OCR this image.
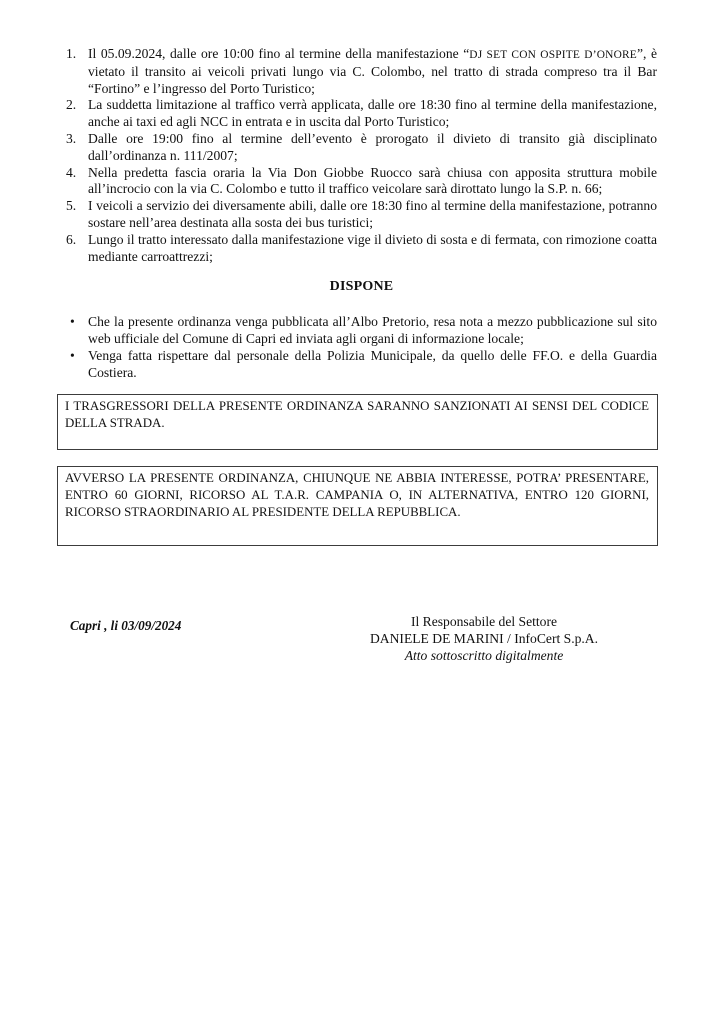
1. Il 05.09.2024, dalle ore 10:00 fino al termine della manifestazione “DJ SET CON OSPITE D’ONORE”, è vietato il transito ai veicoli privati lungo via C. Colombo, nel tratto di strada compreso tra il Bar “Fortino” e l’ingresso del Porto Turistico;
2. La suddetta limitazione al traffico verrà applicata, dalle ore 18:30 fino al termine della manifestazione, anche ai taxi ed agli NCC in entrata e in uscita dal Porto Turistico;
3. Dalle ore 19:00 fino al termine dell’evento è prorogato il divieto di transito già disciplinato dall’ordinanza n. 111/2007;
4. Nella predetta fascia oraria la Via Don Giobbe Ruocco sarà chiusa con apposita struttura mobile all’incrocio con la via C. Colombo e tutto il traffico veicolare sarà dirottato lungo la S.P. n. 66;
5. I veicoli a servizio dei diversamente abili, dalle ore 18:30 fino al termine della manifestazione, potranno sostare nell’area destinata alla sosta dei bus turistici;
6. Lungo il tratto interessato dalla manifestazione vige il divieto di sosta e di fermata, con rimozione coatta mediante carroattrezzi;
DISPONE
• Che la presente ordinanza venga pubblicata all’Albo Pretorio, resa nota a mezzo pubblicazione sul sito web ufficiale del Comune di Capri ed inviata agli organi di informazione locale;
• Venga fatta rispettare dal personale della Polizia Municipale, da quello delle FF.O. e della Guardia Costiera.
I TRASGRESSORI DELLA PRESENTE ORDINANZA SARANNO SANZIONATI AI SENSI DEL CODICE DELLA STRADA.
AVVERSO LA PRESENTE ORDINANZA, CHIUNQUE NE ABBIA INTERESSE, POTRA’ PRESENTARE, ENTRO 60 GIORNI, RICORSO AL T.A.R. CAMPANIA O, IN ALTERNATIVA, ENTRO 120 GIORNI, RICORSO STRAORDINARIO AL PRESIDENTE DELLA REPUBBLICA.
Capri , li 03/09/2024	Il Responsabile del Settore
DANIELE DE MARINI / InfoCert S.p.A.
Atto sottoscritto digitalmente
